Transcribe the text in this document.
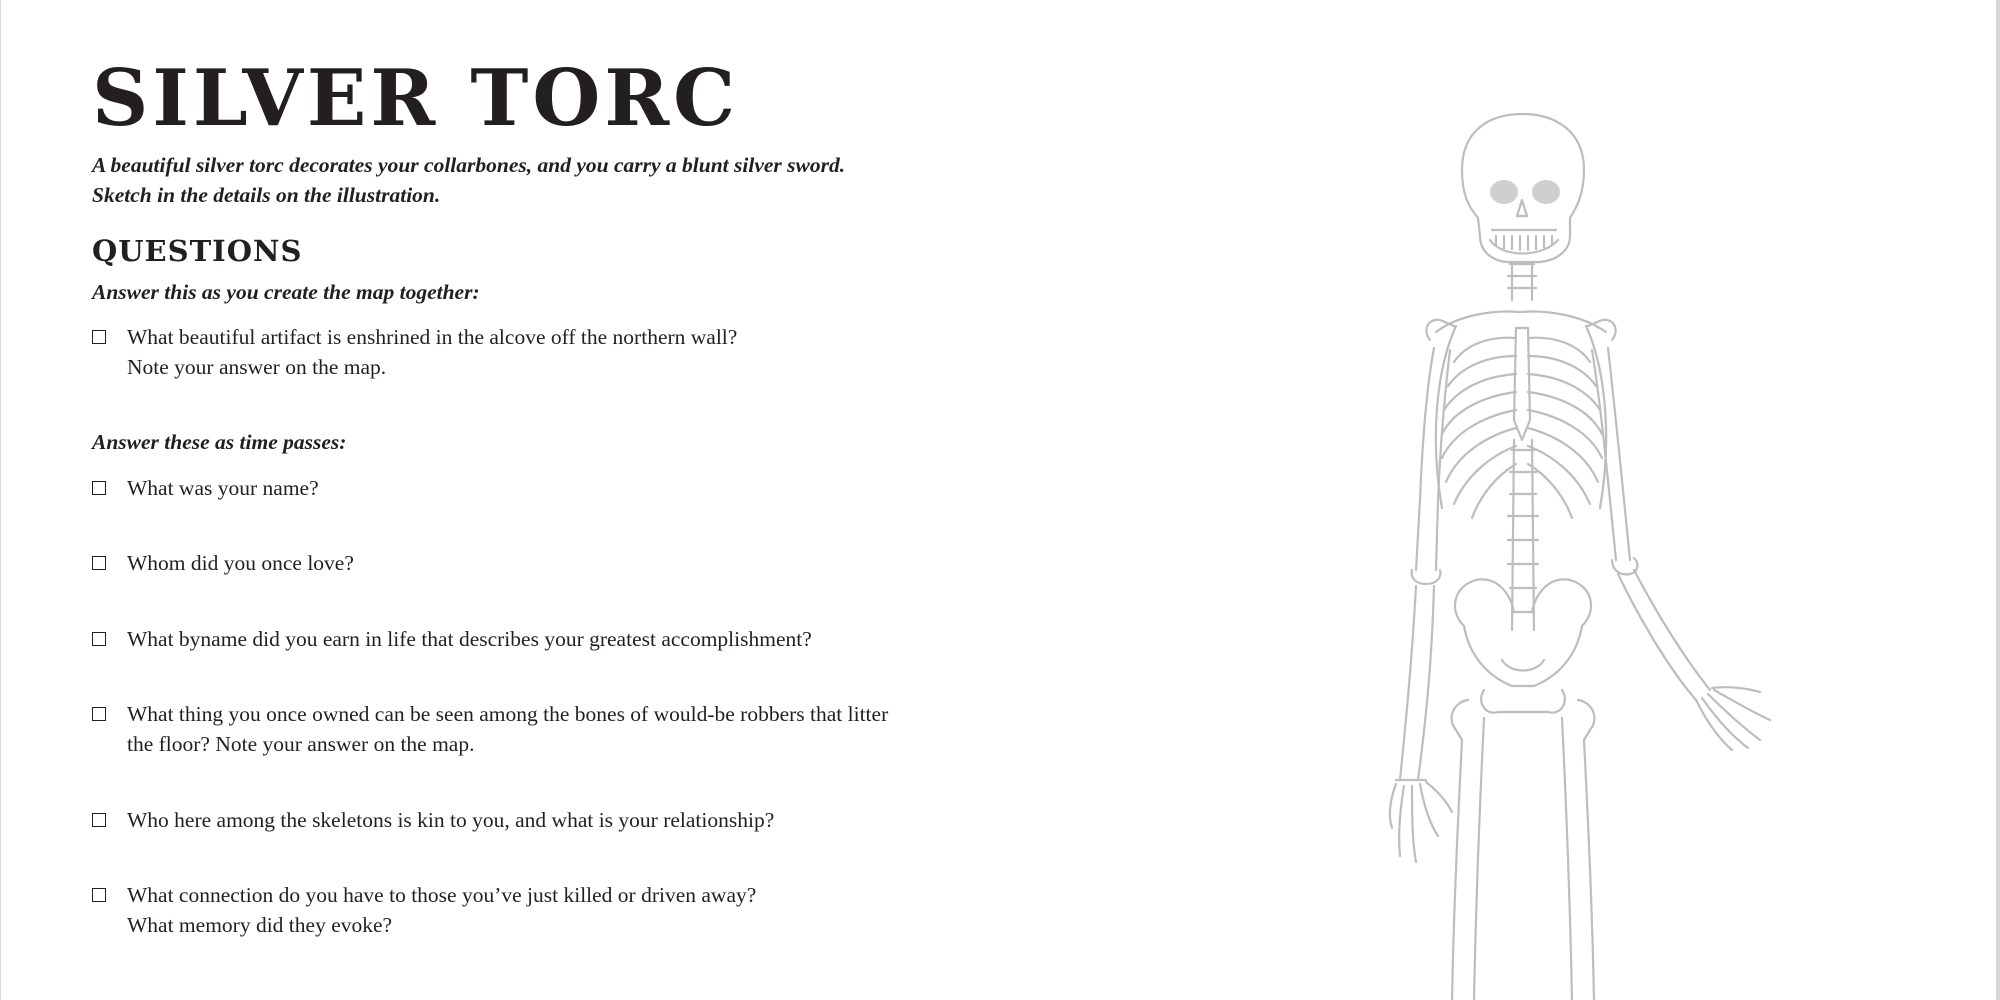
SILVER TORC

A beautiful silver torc decorates your collarbones, and you carry a blunt silver sword.
Sketch in the details on the illustration.

QUESTIONS

Answer this as you create the map together:

What beautiful artifact is enshrined in the alcove off the northern wall?
Note your answer on the map.

Answer these as time passes:

What was your name?
Whom did you once love?
What byname did you earn in life that describes your greatest accomplishment?
What thing you once owned can be seen among the bones of would-be robbers that litter
the floor? Note your answer on the map.
Who here among the skeletons is kin to you, and what is your relationship?
What connection do you have to those you’ve just killed or driven away?
What memory did they evoke?
